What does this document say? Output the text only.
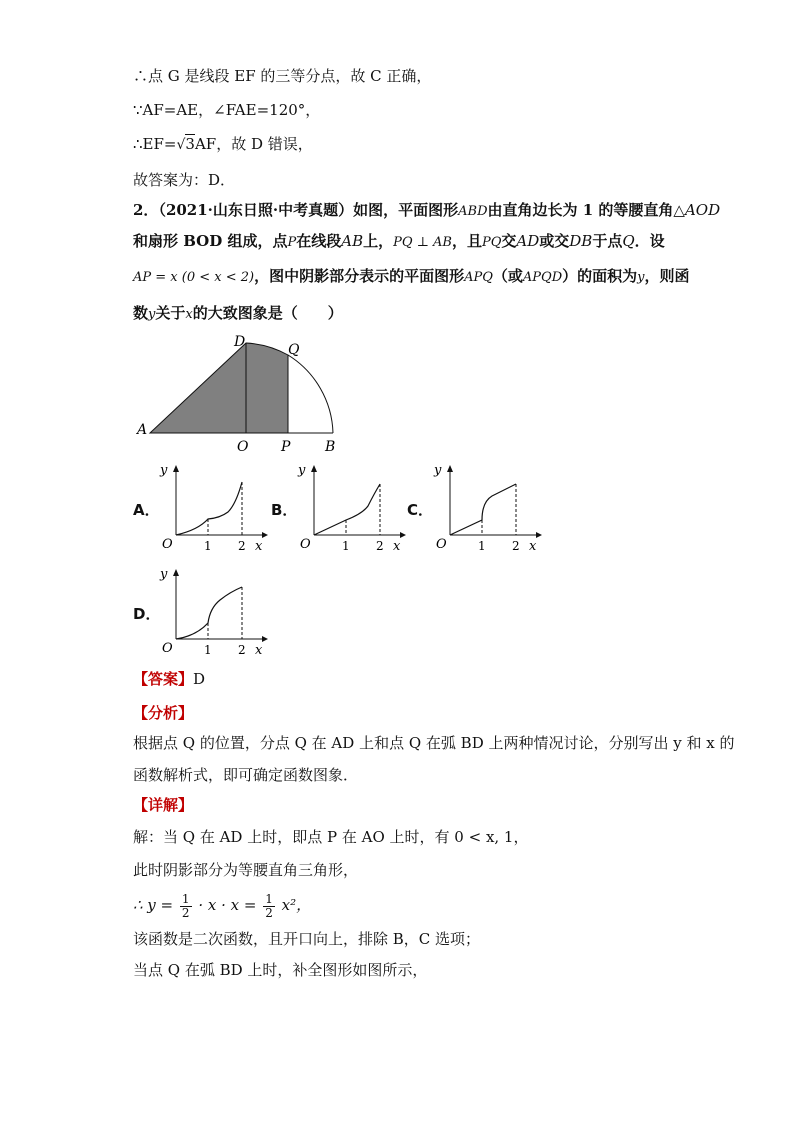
∴点 G 是线段 EF 的三等分点，故 C 正确，
∵AF=AE，∠FAE=120°，
∴EF=√3AF，故 D 错误，
故答案为：D．
2．（2021·山东日照·中考真题）如图，平面图形ABD由直角边长为 1 的等腰直角△AOD
和扇形 BOD 组成，点P在线段AB上，PQ ⊥ AB，且PQ交AD或交DB于点Q．设
AP = x (0 < x < 2)，图中阴影部分表示的平面图形APQ（或APQD）的面积为y，则函
数y关于x的大致图象是（　　）
A
O P B
D	Q
A．
y
O	1 2 x
B．
y
O	1 2 x
C．
y
O	1 2 x
D．
y
O	1 2 x
【答案】D
【分析】
根据点 Q 的位置，分点 Q 在 AD 上和点 Q 在弧 BD 上两种情况讨论，分别写出 y 和 x 的
函数解析式，即可确定函数图象．
【详解】
解：当 Q 在 AD 上时，即点 P 在 AO 上时，有 0 < x, 1，
此时阴影部分为等腰直角三角形，
∴ $y = \frac{1}{2} \cdot x \cdot x = \frac{1}{2} x^2$，
该函数是二次函数，且开口向上，排除 B，C 选项；
当点 Q 在弧 BD 上时，补全图形如图所示，
